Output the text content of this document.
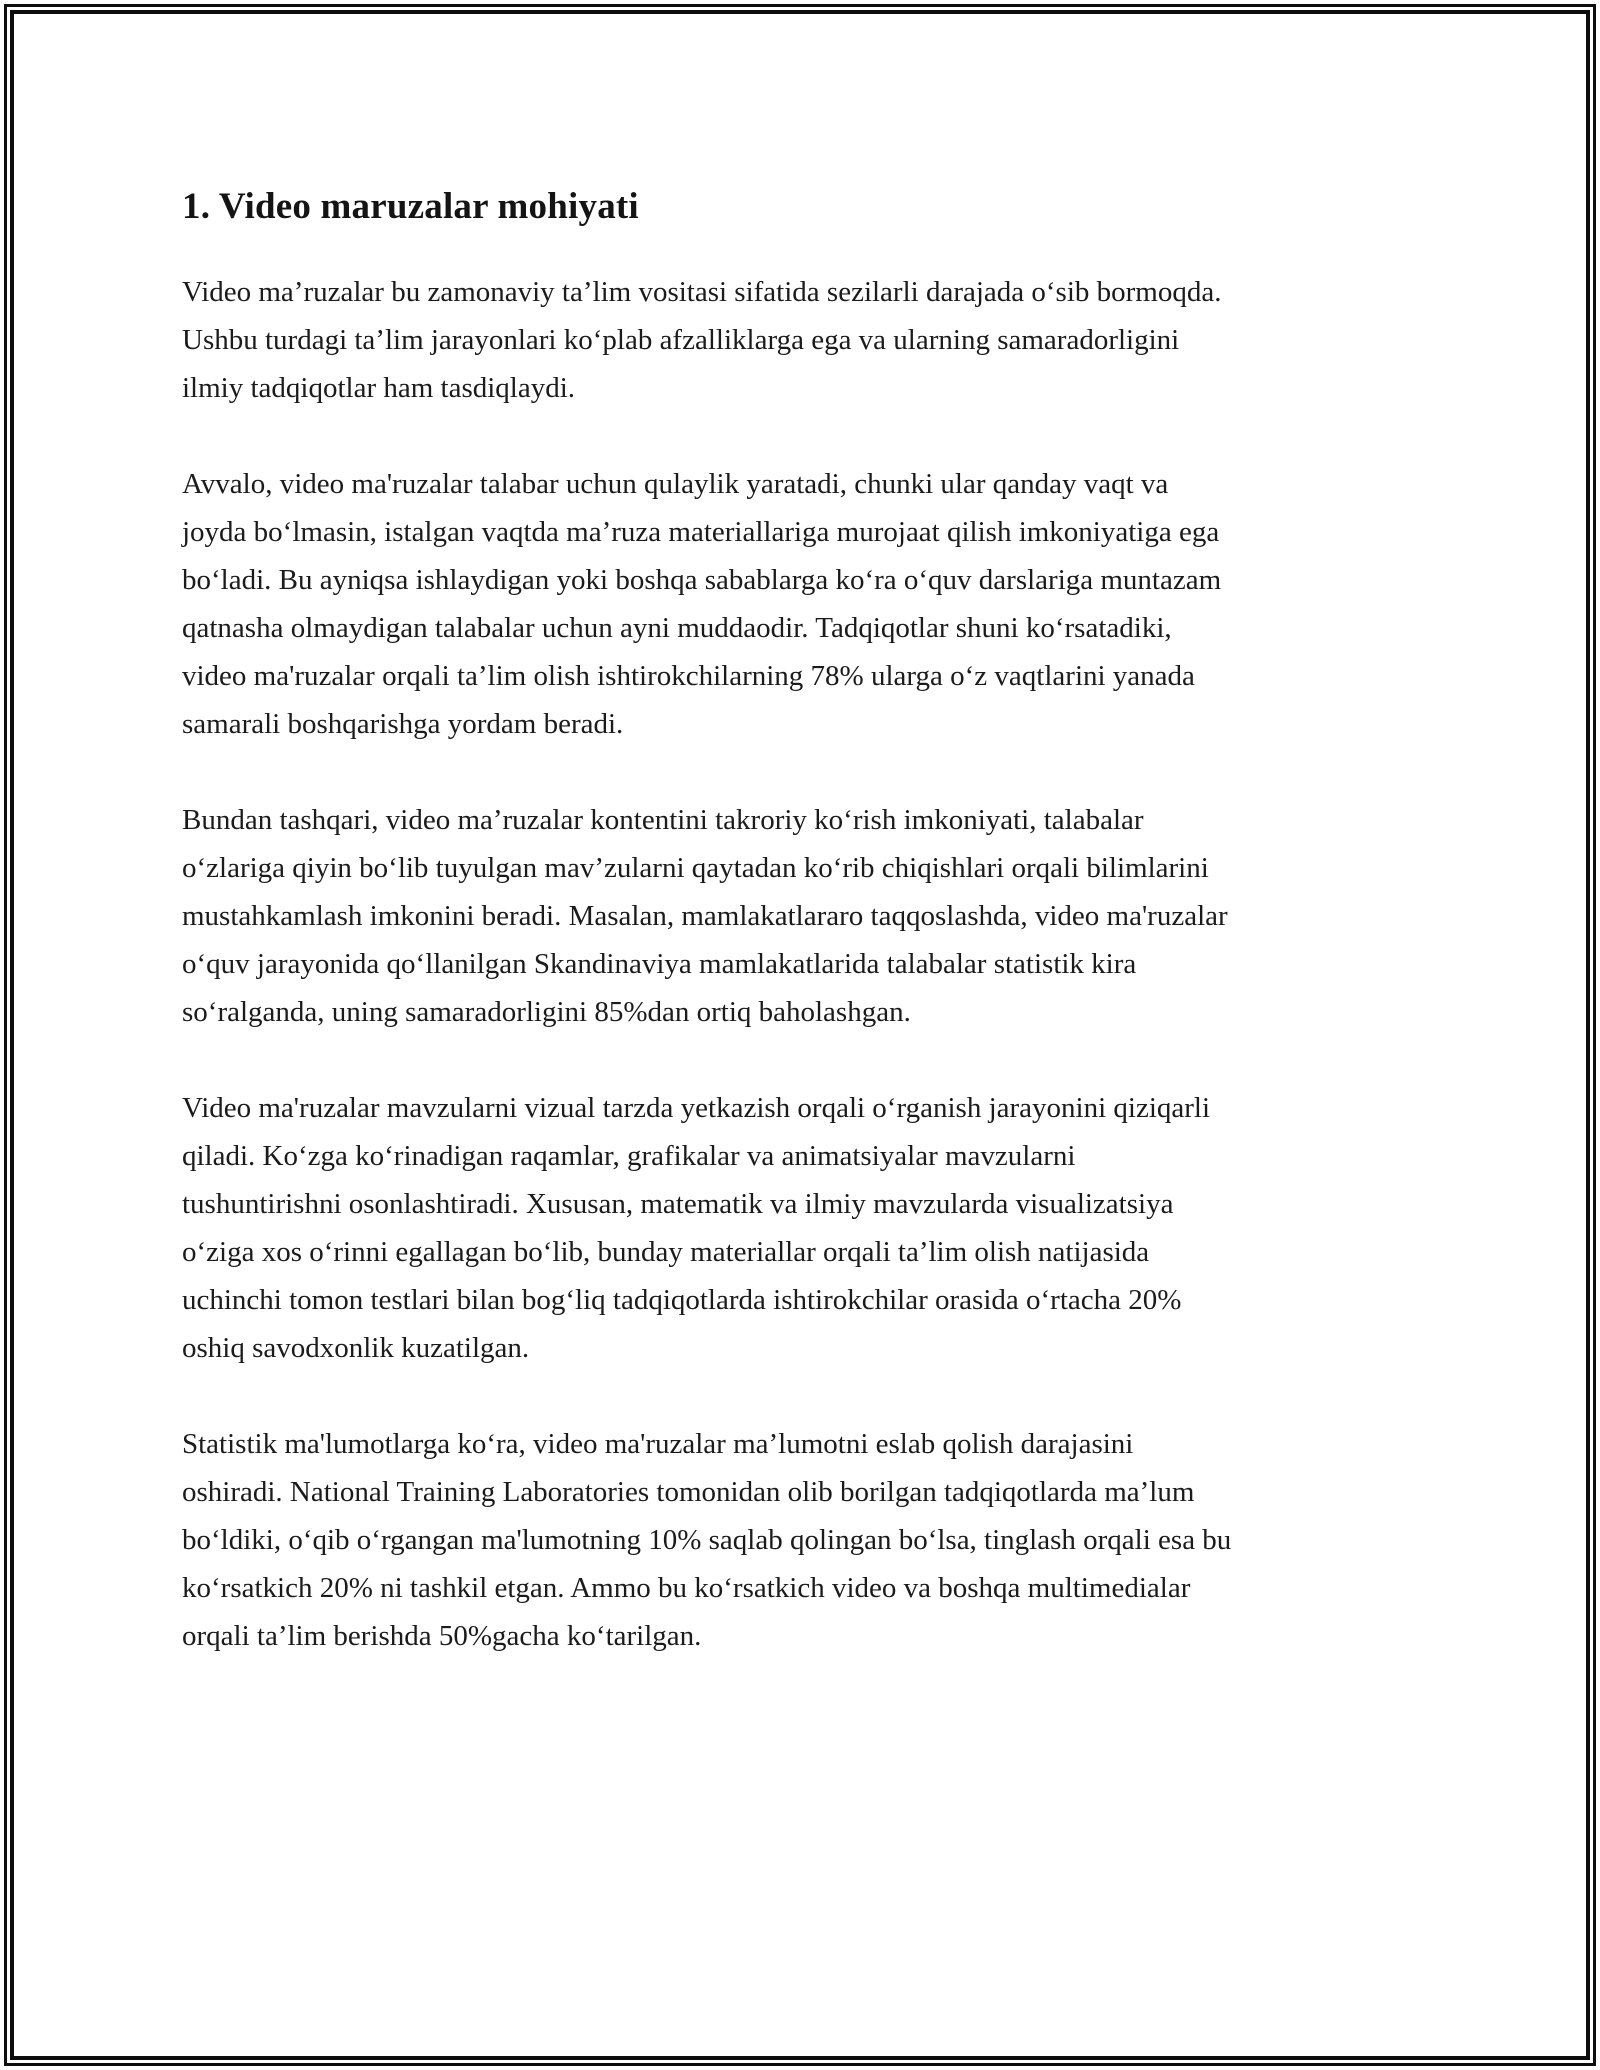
1. Video maruzalar mohiyati

Video ma’ruzalar bu zamonaviy ta’lim vositasi sifatida sezilarli darajada o‘sib bormoqda. Ushbu turdagi ta’lim jarayonlari ko‘plab afzalliklarga ega va ularning samaradorligini ilmiy tadqiqotlar ham tasdiqlaydi.

Avvalo, video ma'ruzalar talabar uchun qulaylik yaratadi, chunki ular qanday vaqt va joyda bo‘lmasin, istalgan vaqtda ma’ruza materiallariga murojaat qilish imkoniyatiga ega bo‘ladi. Bu ayniqsa ishlaydigan yoki boshqa sabablarga ko‘ra o‘quv darslariga muntazam qatnasha olmaydigan talabalar uchun ayni muddaodir. Tadqiqotlar shuni ko‘rsatadiki, video ma'ruzalar orqali ta’lim olish ishtirokchilarning 78% ularga o‘z vaqtlarini yanada samarali boshqarishga yordam beradi.

Bundan tashqari, video ma’ruzalar kontentini takroriy ko‘rish imkoniyati, talabalar o‘zlariga qiyin bo‘lib tuyulgan mav’zularni qaytadan ko‘rib chiqishlari orqali bilimlarini mustahkamlash imkonini beradi. Masalan, mamlakatlararo taqqoslashda, video ma'ruzalar o‘quv jarayonida qo‘llanilgan Skandinaviya mamlakatlarida talabalar statistik kira so‘ralganda, uning samaradorligini 85%dan ortiq baholashgan.

Video ma'ruzalar mavzularni vizual tarzda yetkazish orqali o‘rganish jarayonini qiziqarli qiladi. Ko‘zga ko‘rinadigan raqamlar, grafikalar va animatsiyalar mavzularni tushuntirishni osonlashtiradi. Xususan, matematik va ilmiy mavzularda visualizatsiya o‘ziga xos o‘rinni egallagan bo‘lib, bunday materiallar orqali ta’lim olish natijasida uchinchi tomon testlari bilan bog‘liq tadqiqotlarda ishtirokchilar orasida o‘rtacha 20% oshiq savodxonlik kuzatilgan.

Statistik ma'lumotlarga ko‘ra, video ma'ruzalar ma’lumotni eslab qolish darajasini oshiradi. National Training Laboratories tomonidan olib borilgan tadqiqotlarda ma’lum bo‘ldiki, o‘qib o‘rgangan ma'lumotning 10% saqlab qolingan bo‘lsa, tinglash orqali esa bu ko‘rsatkich 20% ni tashkil etgan. Ammo bu ko‘rsatkich video va boshqa multimedialar orqali ta’lim berishda 50%gacha ko‘tarilgan.
